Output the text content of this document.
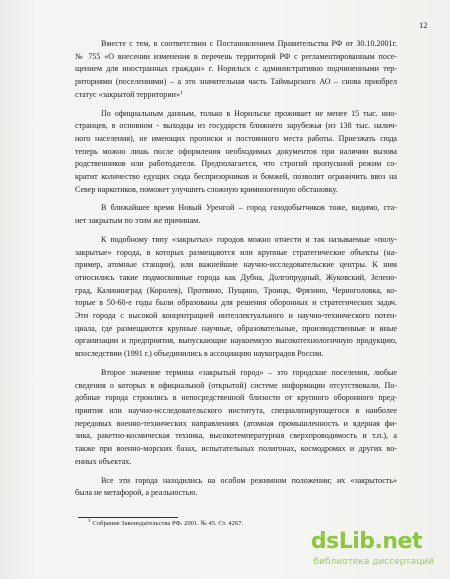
12
Вместе с тем, в соответствии с Постановлением Правительства РФ от 30.10.2001г.
№ 755 «О внесении изменения в перечень территорий РФ с регламентированным посе-
щением для иностранных граждан» г. Норильск с административно подчиненными тер-
риториями (поселениями) – а это значительная часть Таймырского АО – снова приобрел
статус «закрытой территории»$^1$
По официальным данным, только в Норильске проживает не менее 15 тыс. ино-
странцев, в основном - выходцы из государств ближнего зарубежья (из 138 тыс. налич-
ного населения), не имеющих прописки и постоянного места работы. Приезжать сюда
теперь можно лишь после оформления необходимых документов при наличии вызова
родственников или работодателя. Предполагается, что строгий пропускной режим со-
кратит количество едущих сюда беспризорников и бомжей, позволит ограничить ввоз на
Север наркотиков, поможет улучшить сложную криминогенную обстановку.
В ближайшее время Новый Уренгой – город газодобытчиков тоже, видимо, ста-
нет закрытым по этим же причинам.
К подобному типу «закрытых» городов можно отнести и так называемые «полу-
закрытые» города, в которых размещаются или крупные стратегические объекты (на-
пример, атомные станции), или важнейшие научно-исследовательские центры. К ним
относились такие подмосковные города как Дубна, Долгопрудный, Жуковский, Зелено-
град, Калининград (Королев), Протвино, Пущино, Троицк, Фрязино, Черноголовка, ко-
торые в 50-60-е годы были образованы для решения оборонных и стратегических задач.
Эти города с высокой концентрацией интеллектуального и научно-технического потен-
циала, где размещаются крупные научные, образовательные, производственные и иные
организации и предприятия, выпускающие наукоемкую высокотехнологичную продукцию,
впоследствии (1991 г.) объединились в ассоциацию наукоградов России.
Второе значение термина «закрытый город» – это городские поселения, любые
сведения о которых в официальной (открытой) системе информации отсутствовали. По-
добные города строились в непосредственной близости от крупного оборонного пред-
приятия или научно-исследовательского института, специализирующегося в наиболее
передовых военно-технических направлениях (атомная промышленность и ядерная фи-
зика, ракетно-космическая техника, высокотемпературная сверхпроводимость и т.п.), а
также при военно-морских базах, испытательных полигонах, космодромах и других во-
енных объектах.
Все эти города находились на особом режимном положении; их «закрытость»
была не метафорой, а реальностью.
$^1$ Собрание Законодательства РФ. 2001. № 45. Ст. 4267.
dsLib.net
библиотека диссертаций
